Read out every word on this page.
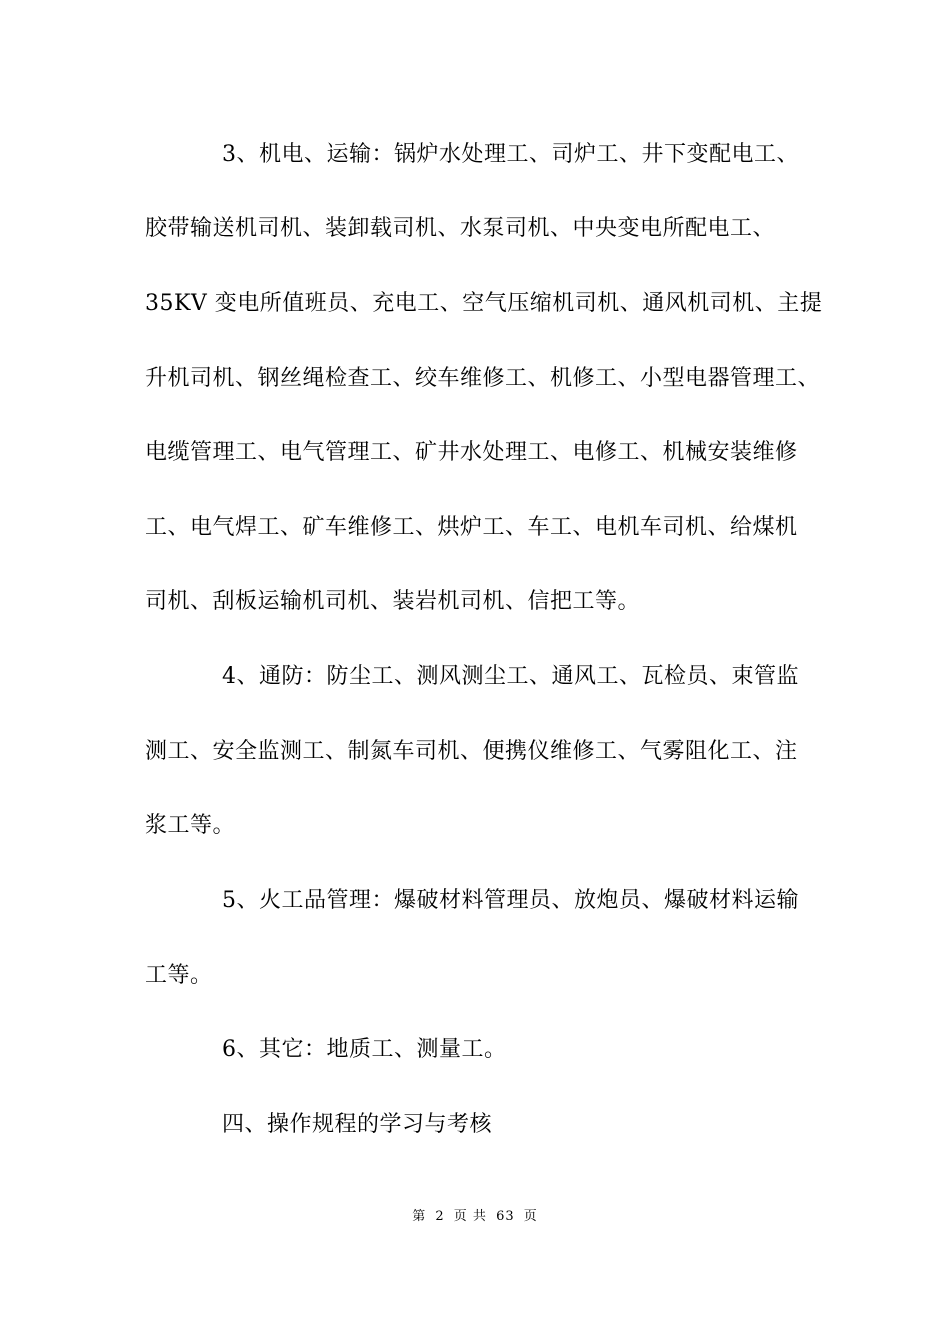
3、机电、运输：锅炉水处理工、司炉工、井下变配电工、
胶带输送机司机、装卸载司机、水泵司机、中央变电所配电工、
35KV 变电所值班员、充电工、空气压缩机司机、通风机司机、主提
升机司机、钢丝绳检查工、绞车维修工、机修工、小型电器管理工、
电缆管理工、电气管理工、矿井水处理工、电修工、机械安装维修
工、电气焊工、矿车维修工、烘炉工、车工、电机车司机、给煤机
司机、刮板运输机司机、装岩机司机、信把工等。
4、通防：防尘工、测风测尘工、通风工、瓦检员、束管监
测工、安全监测工、制氮车司机、便携仪维修工、气雾阻化工、注
浆工等。
5、火工品管理：爆破材料管理员、放炮员、爆破材料运输
工等。
6、其它：地质工、测量工。
四、操作规程的学习与考核
第 2 页 共 63 页
